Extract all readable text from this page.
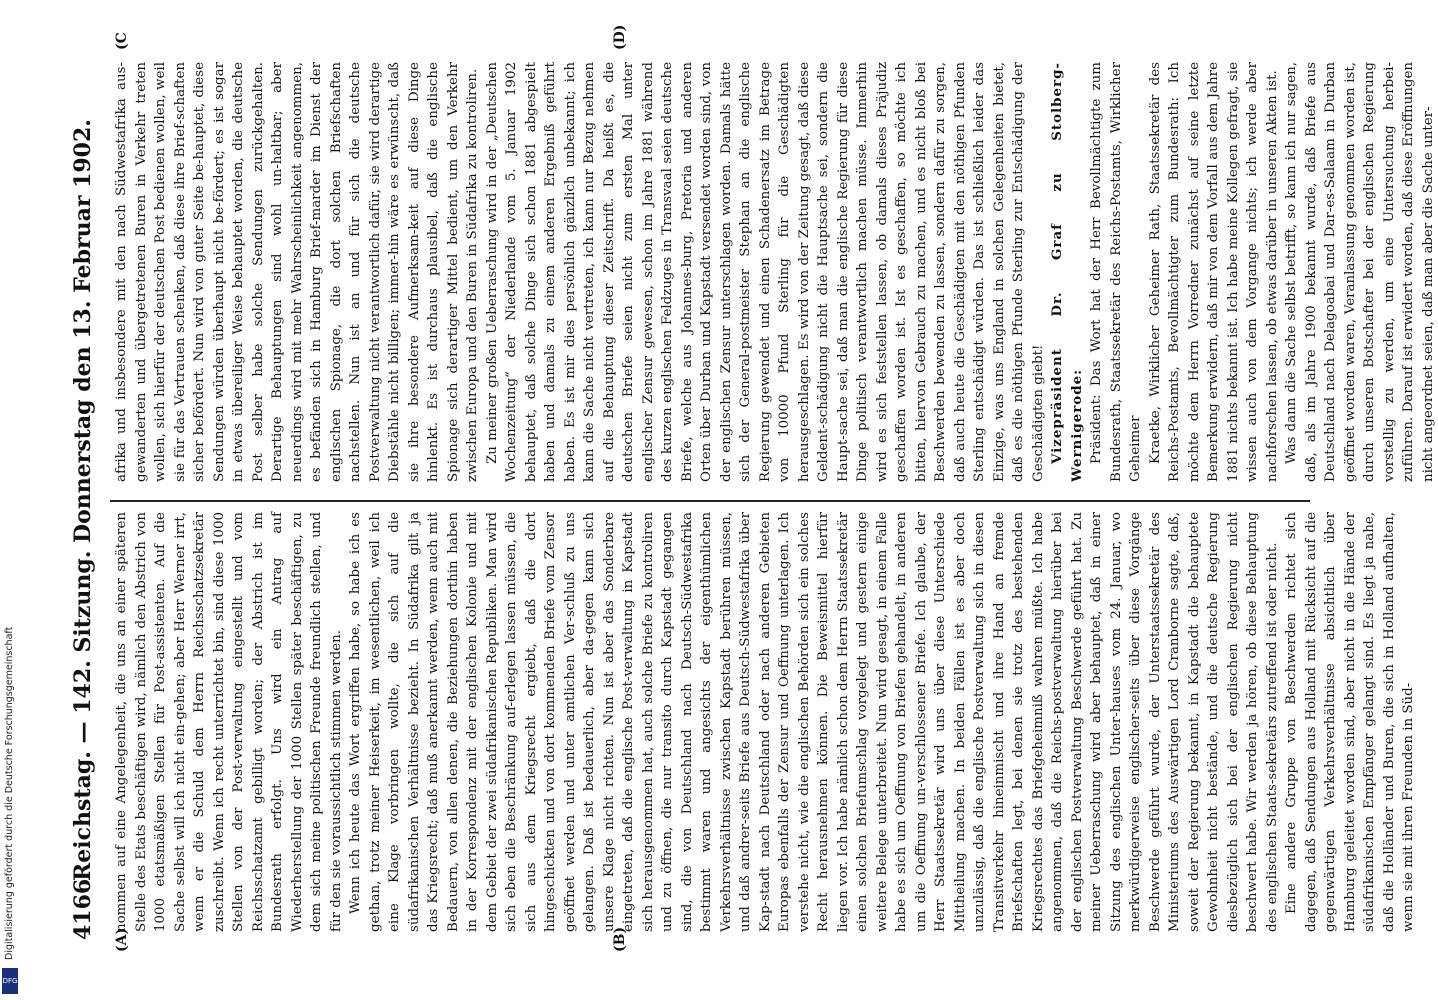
4166
Reichstag. — 142. Sitzung. Donnerstag den 13. Februar 1902.
(A)	(B)
(C	(D)

nommen auf eine Angelegenheit, die uns an einer späteren Stelle des Etats beschäftigen wird, nämlich den Abstrich von 1000 etatsmäßigen Stellen für Post-assistenten. Auf die Sache selbst will ich nicht ein-gehen; aber Herr Werner irrt, wenn er die Schuld dem Herrn Reichsschatzsekretär zuschreibt. Wenn ich recht unterrichtet bin, sind diese 1000 Stellen von der Post-verwaltung eingestellt und vom Reichsschatzamt gebilligt worden; der Abstrich ist im Bundesrath erfolgt. Uns wird ein Antrag auf Wiederherstellung der 1000 Stellen später beschäftigen, zu dem sich meine politischen Freunde freundlich stellen, und für den sie voraussichtlich stimmen werden. Wenn ich heute das Wort ergriffen habe, so habe ich es gethan, trotz meiner Heiserkeit, im wesentlichen, weil ich eine Klage vorbringen wollte, die sich auf die südafrikanischen Verhältnisse bezieht. In Südafrika gilt ja das Kriegsrecht; daß muß anerkannt werden, wenn auch mit Bedauern, von allen denen, die Beziehungen dorthin haben in der Korrespondenz mit der englischen Kolonie und mit dem Gebiet der zwei südafrikanischen Republiken. Man wird sich eben die Beschränkung auf-erlegen lassen müssen, die sich aus dem Kriegsrecht ergiebt, daß die dort hingeschickten und von dort kommenden Briefe vom Zensor geöffnet werden und unter amtlichen Ver-schluß zu uns gelangen. Daß ist bedauerlich, aber da-gegen kann sich unsere Klage nicht richten. Nun ist aber das Sonderbare eingetreten, daß die englische Post-verwaltung in Kapstadt sich herausgenommen hat, auch solche Briefe zu kontroliren und zu öffnen, die nur transito durch Kapstadt gegangen sind, die von Deutschland nach Deutsch-Südwestafrika bestimmt waren und angesichts der eigenthümlichen Verkehrsverhältnisse zwischen Kapstadt berühren müssen, und daß andrer-seits Briefe aus Deutsch-Südwestafrika über Kap-stadt nach Deutschland oder nach anderen Gebieten Europas ebenfalls der Zensur und Oeffnung unterlagen. Ich verstehe nicht, wie die englischen Behörden sich ein solches Recht herausnehmen können. Die Beweismittel hierfür liegen vor. Ich habe nämlich schon dem Herrn Staatssekretär einen solchen Briefumschlag vorgelegt und gestern einige weitere Belege unterbreitet. Nun wird gesagt, in einem Falle habe es sich um Oeffnung von Briefen gehandelt, in anderen um die Oeffnung un-verschlossener Briefe. Ich glaube, der Herr Staatssekretär wird uns über diese Unterschiede Mittheilung machen. In beiden Fällen ist es aber doch unzulässig, daß die englische Postverwaltung sich in diesen Transitverkehr hineinmischt und ihre Hand an fremde Briefschaften legt, bei denen sie trotz des bestehenden Kriegsrechtes das Briefgeheimniß wahren müßte. Ich habe angenommen, daß die Reichs-postverwaltung hierüber bei der englischen Postverwaltung Beschwerde geführt hat. Zu meiner Ueberraschung wird aber behauptet, daß in einer Sitzung des englischen Unter-hauses vom 24. Januar, wo merkwürdigerweise englischer-seits über diese Vorgänge Beschwerde geführt wurde, der Unterstaatssekretär des Ministeriums des Auswärtigen Lord Cranborne sagte, daß, soweit der Regierung bekannt, in Kapstadt die behauptete Gewohnheit nicht bestände, und die deutsche Regierung diesbezüglich sich bei der englischen Regierung nicht beschwert habe. Wir werden ja hören, ob diese Behauptung des englischen Staats-sekretärs zutreffend ist oder nicht. Eine andere Gruppe von Beschwerden richtet sich dagegen, daß Sendungen aus Holland mit Rücksicht auf die gegenwärtigen Verkehrsverhältnisse absichtlich über Hamburg geleitet worden sind, aber nicht in die Hände der südafrikanischen Empfänger gelangt sind. Es liegt ja nahe, daß die Holländer und Buren, die sich in Holland aufhalten, wenn sie mit ihren Freunden in Süd-

afrika und insbesondere mit den nach Südwestafrika aus-gewanderten und übergetretenen Buren in Verkehr treten wollen, sich hierfür der deutschen Post bedienen wollen, weil sie für das Vertrauen schenken, daß diese ihre Brief-schaften sicher befördert. Nun wird von guter Seite be-hauptet, diese Sendungen würden überhaupt nicht be-fördert; es ist sogar in etwas übereiliger Weise behauptet worden, die deutsche Post selber habe solche Sendungen zurückgehalten. Derartige Behauptungen sind wohl un-haltbar; aber neuerdings wird mit mehr Wahrscheinlichkeit angenommen, es befänden sich in Hamburg Brief-marder im Dienst der englischen Spionage, die dort solchen Briefschaften nachstellen. Nun ist an und für sich die deutsche Postverwaltung nicht verantwortlich dafür, sie wird derartige Diebstähle nicht billigen; immer-hin wäre es erwünscht, daß sie ihre besondere Aufmerksam-keit auf diese Dinge hinlenkt. Es ist durchaus plausibel, daß die englische Spionage sich derartiger Mittel bedient, um den Verkehr zwischen Europa und den Buren in Südafrika zu kontroliren. Zu meiner großen Ueberraschung wird in der „Deutschen Wochenzeitung“ der Niederlande vom 5. Januar 1902 behauptet, daß solche Dinge sich schon 1881 abgespielt haben und damals zu einem anderen Ergebniß geführt haben. Es ist mir dies persönlich gänzlich unbekannt; ich kann die Sache nicht vertreten, ich kann nur Bezug nehmen auf die Behauptung dieser Zeitschrift. Da heißt es, die deutschen Briefe seien nicht zum ersten Mal unter englischer Zensur gewesen, schon im Jahre 1881 während des kurzen englischen Feldzuges in Transvaal seien deutsche Briefe, welche aus Johannes-burg, Pretoria und anderen Orten über Durban und Kapstadt versendet worden sind, von der englischen Zensur unterschlagen worden. Damals hätte sich der General-postmeister Stephan an die englische Regierung gewendet und einen Schadenersatz im Betrage von 10000 Pfund Sterling für die Geschädigten herausgeschlagen. Es wird von der Zeitung gesagt, daß diese Geldent-schädigung nicht die Hauptsache sei, sondern die Haupt-sache sei, daß man die englische Regierung für diese Dinge politisch verantwortlich machen müsse. Immerhin wird es sich feststellen lassen, ob damals dieses Präjudiz geschaffen worden ist. Ist es geschaffen, so möchte ich bitten, hiervon Gebrauch zu machen, und es nicht bloß bei Beschwerden bewenden zu lassen, sondern dafür zu sorgen, daß auch heute die Geschädigten mit den nöthigen Pfunden Sterling entschädigt würden. Das ist schließlich leider das Einzige, was uns England in solchen Gelegenheiten bietet, daß es die nöthigen Pfunde Sterling zur Entschädigung der Geschädigten giebt! Vizepräsident Dr. Graf zu Stolberg-Wernigerode: Präsident: Das Wort hat der Herr Bevollmächtigte zum Bundesrath, Staatssekretär des Reichs-Postamts, Wirklicher Geheimer Kraetke, Wirklicher Geheimer Rath, Staatssekretär des Reichs-Postamts, Bevollmächtigter zum Bundesrath: Ich möchte dem Herrn Vorredner zunächst auf seine letzte Bemerkung erwidern, daß mir von dem Vorfall aus dem Jahre 1881 nichts bekannt ist. Ich habe meine Kollegen gefragt, sie wissen auch von dem Vorgange nichts; ich werde aber nachforschen lassen, ob etwas darüber in unseren Akten ist. Was dann die Sache selbst betrifft, so kann ich nur sagen, daß, als im Jahre 1900 bekannt wurde, daß Briefe aus Deutschland nach Delagoabai und Dar-es-Salaam in Durban geöffnet worden waren, Veranlassung genommen worden ist, durch unseren Botschafter bei der englischen Regierung vorstellig zu werden, um eine Untersuchung herbei-zuführen. Darauf ist erwidert worden, daß diese Eröffnungen nicht angeordnet seien, daß man aber die Sache unter-

Digitalisierung gefördert durch die Deutsche Forschungsgemeinschaft
DFG
